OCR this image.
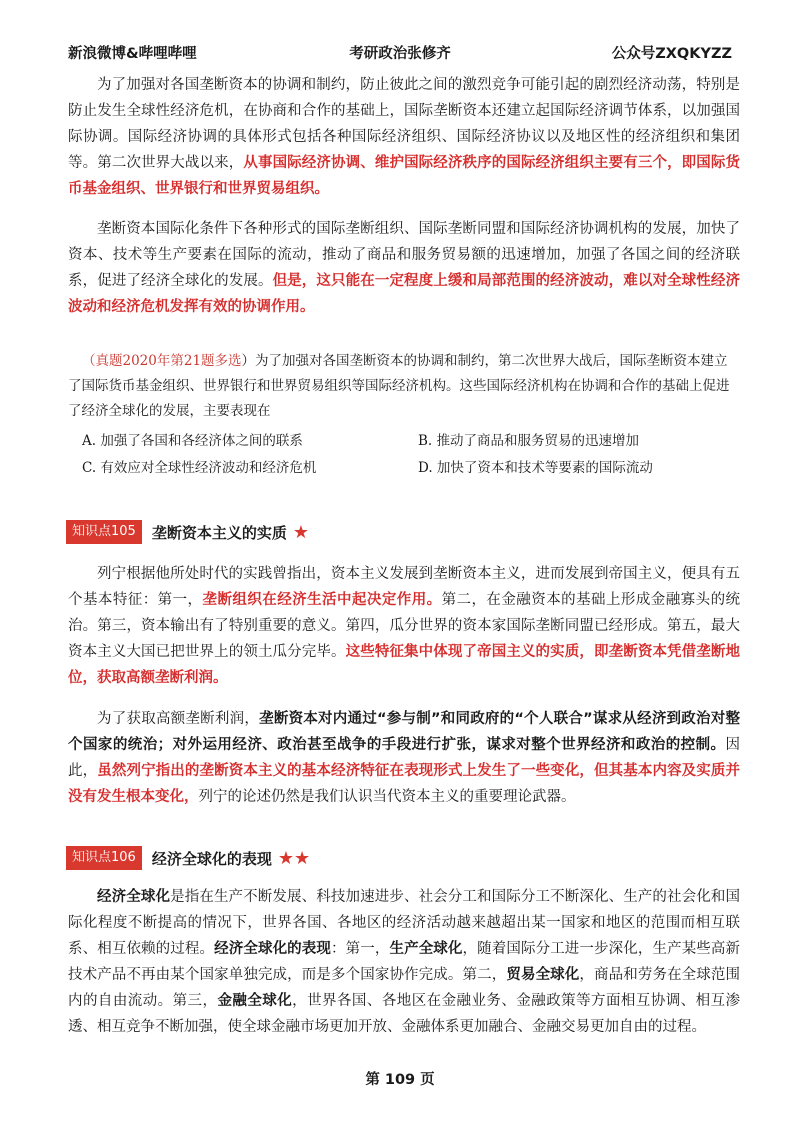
新浪微博&哔哩哔哩	考研政治张修齐	公众号ZXQKYZZ

为了加强对各国垄断资本的协调和制约，防止彼此之间的激烈竞争可能引起的剧烈经济动荡，特别是防止发生全球性经济危机，在协商和合作的基础上，国际垄断资本还建立起国际经济调节体系，以加强国际协调。国际经济协调的具体形式包括各种国际经济组织、国际经济协议以及地区性的经济组织和集团等。第二次世界大战以来，从事国际经济协调、维护国际经济秩序的国际经济组织主要有三个，即国际货币基金组织、世界银行和世界贸易组织。

垄断资本国际化条件下各种形式的国际垄断组织、国际垄断同盟和国际经济协调机构的发展，加快了资本、技术等生产要素在国际的流动，推动了商品和服务贸易额的迅速增加，加强了各国之间的经济联系，促进了经济全球化的发展。但是，这只能在一定程度上缓和局部范围的经济波动，难以对全球性经济波动和经济危机发挥有效的协调作用。

（真题2020年第21题多选）为了加强对各国垄断资本的协调和制约，第二次世界大战后，国际垄断资本建立了国际货币基金组织、世界银行和世界贸易组织等国际经济机构。这些国际经济机构在协调和合作的基础上促进了经济全球化的发展，主要表现在

A. 加强了各国和各经济体之间的联系	B. 推动了商品和服务贸易的迅速增加
C. 有效应对全球性经济波动和经济危机	D. 加快了资本和技术等要素的国际流动
知识点105 垄断资本主义的实质 ★

列宁根据他所处时代的实践曾指出，资本主义发展到垄断资本主义，进而发展到帝国主义，便具有五个基本特征：第一，垄断组织在经济生活中起决定作用。第二，在金融资本的基础上形成金融寡头的统治。第三，资本输出有了特别重要的意义。第四，瓜分世界的资本家国际垄断同盟已经形成。第五，最大资本主义大国已把世界上的领土瓜分完毕。这些特征集中体现了帝国主义的实质，即垄断资本凭借垄断地位，获取高额垄断利润。

为了获取高额垄断利润，垄断资本对内通过“参与制”和同政府的“个人联合”谋求从经济到政治对整个国家的统治；对外运用经济、政治甚至战争的手段进行扩张，谋求对整个世界经济和政治的控制。因此，虽然列宁指出的垄断资本主义的基本经济特征在表现形式上发生了一些变化，但其基本内容及实质并没有发生根本变化，列宁的论述仍然是我们认识当代资本主义的重要理论武器。

知识点106 经济全球化的表现 ★★

经济全球化是指在生产不断发展、科技加速进步、社会分工和国际分工不断深化、生产的社会化和国际化程度不断提高的情况下，世界各国、各地区的经济活动越来越超出某一国家和地区的范围而相互联系、相互依赖的过程。经济全球化的表现：第一，生产全球化，随着国际分工进一步深化，生产某些高新技术产品不再由某个国家单独完成，而是多个国家协作完成。第二，贸易全球化，商品和劳务在全球范围内的自由流动。第三，金融全球化，世界各国、各地区在金融业务、金融政策等方面相互协调、相互渗透、相互竞争不断加强，使全球金融市场更加开放、金融体系更加融合、金融交易更加自由的过程。

第 109 页
